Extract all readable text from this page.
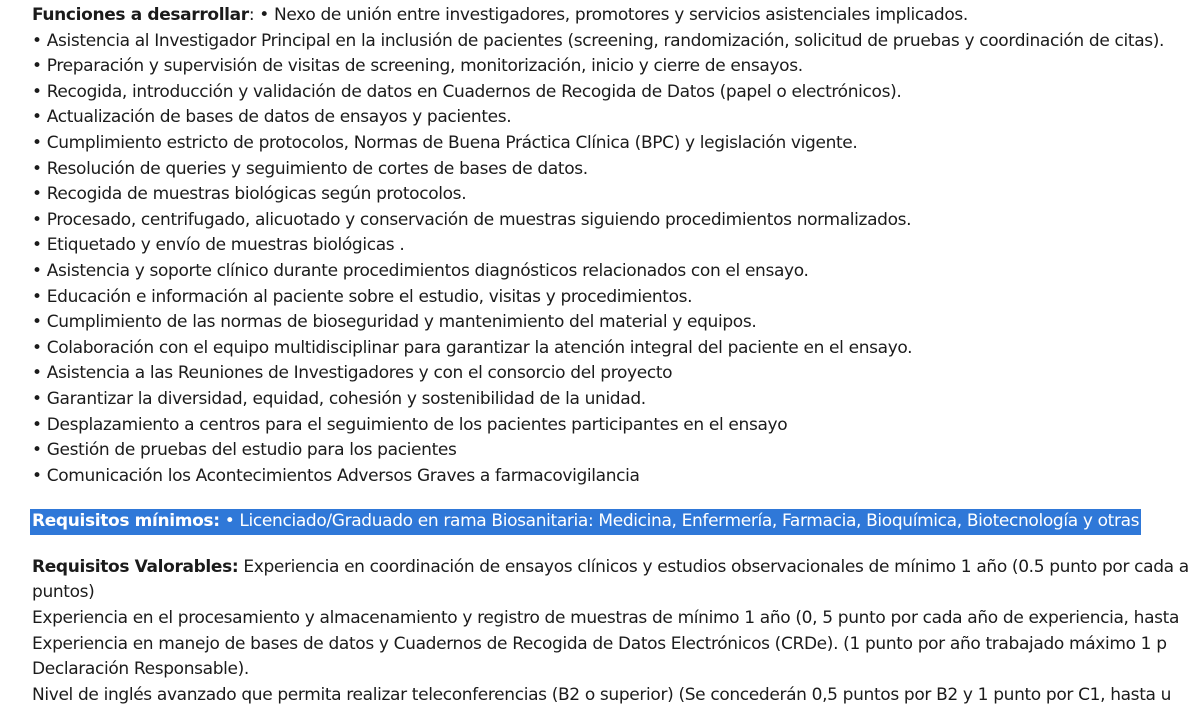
Funciones a desarrollar: • Nexo de unión entre investigadores, promotores y servicios asistenciales implicados.
• Asistencia al Investigador Principal en la inclusión de pacientes (screening, randomización, solicitud de pruebas y coordinación de citas).
• Preparación y supervisión de visitas de screening, monitorización, inicio y cierre de ensayos.
• Recogida, introducción y validación de datos en Cuadernos de Recogida de Datos (papel o electrónicos).
• Actualización de bases de datos de ensayos y pacientes.
• Cumplimiento estricto de protocolos, Normas de Buena Práctica Clínica (BPC) y legislación vigente.
• Resolución de queries y seguimiento de cortes de bases de datos.
• Recogida de muestras biológicas según protocolos.
• Procesado, centrifugado, alicuotado y conservación de muestras siguiendo procedimientos normalizados.
• Etiquetado y envío de muestras biológicas .
• Asistencia y soporte clínico durante procedimientos diagnósticos relacionados con el ensayo.
• Educación e información al paciente sobre el estudio, visitas y procedimientos.
• Cumplimiento de las normas de bioseguridad y mantenimiento del material y equipos.
• Colaboración con el equipo multidisciplinar para garantizar la atención integral del paciente en el ensayo.
• Asistencia a las Reuniones de Investigadores y con el consorcio del proyecto
• Garantizar la diversidad, equidad, cohesión y sostenibilidad de la unidad.
• Desplazamiento a centros para el seguimiento de los pacientes participantes en el ensayo
• Gestión de pruebas del estudio para los pacientes
• Comunicación los Acontecimientos Adversos Graves a farmacovigilancia
Requisitos mínimos: • Licenciado/Graduado en rama Biosanitaria: Medicina, Enfermería, Farmacia, Bioquímica, Biotecnología y otras
Requisitos Valorables: Experiencia en coordinación de ensayos clínicos y estudios observacionales de mínimo 1 año (0.5 punto por cada a
puntos)
Experiencia en el procesamiento y almacenamiento y registro de muestras de mínimo 1 año (0, 5 punto por cada año de experiencia, hasta
Experiencia en manejo de bases de datos y Cuadernos de Recogida de Datos Electrónicos (CRDe). (1 punto por año trabajado máximo 1 p
Declaración Responsable).
Nivel de inglés avanzado que permita realizar teleconferencias (B2 o superior) (Se concederán 0,5 puntos por B2 y 1 punto por C1, hasta u
